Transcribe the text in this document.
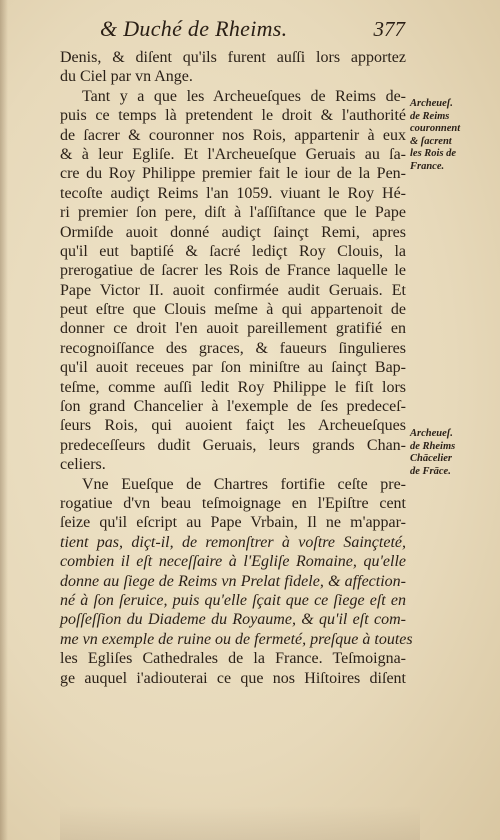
& Duché de Rheims.	377
Denis, & diſent qu'ils furent auſſi lors apportez
du Ciel par vn Ange.
Tant y a que les Archeueſques de Reims de-
puis ce temps là pretendent le droit & l'authorité
de ſacrer & couronner nos Rois, appartenir à eux
& à leur Egliſe. Et l'Archeueſque Geruais au ſa-
cre du Roy Philippe premier fait le iour de la Pen-
tecoſte audiçt Reims l'an 1059. viuant le Roy Hé-
ri premier ſon pere, diſt à l'aſſiſtance que le Pape
Ormiſde auoit donné audiçt ſainçt Remi, apres
qu'il eut baptiſé & ſacré lediçt Roy Clouis, la
prerogatiue de ſacrer les Rois de France laquelle le
Pape Victor II. auoit confirmée audit Geruais. Et
peut eſtre que Clouis meſme à qui appartenoit de
donner ce droit l'en auoit pareillement gratifié en
recognoiſſance des graces, & faueurs ſingulieres
qu'il auoit receues par ſon miniſtre au ſainçt Bap-
teſme, comme auſſi ledit Roy Philippe le fiſt lors
ſon grand Chancelier à l'exemple de ſes predeceſ-
ſeurs Rois, qui auoient faiçt les Archeueſques
predeceſſeurs dudit Geruais, leurs grands Chan-
celiers.
Vne Eueſque de Chartres fortifie ceſte pre-
rogatiue d'vn beau teſmoignage en l'Epiſtre cent
ſeize qu'il eſcript au Pape Vrbain, Il ne m'appar-
tient pas, diçt-il, de remonſtrer à voſtre Sainçteté,
combien il eſt neceſſaire à l'Egliſe Romaine, qu'elle
donne au ſiege de Reims vn Prelat fidele, & affection-
né à ſon ſeruice, puis qu'elle ſçait que ce ſiege eſt en
poſſeſſion du Diademe du Royaume, & qu'il eſt com-
me vn exemple de ruine ou de fermeté, preſque à toutes
les Egliſes Cathedrales de la France. Teſmoigna-
ge auquel i'adiouterai ce que nos Hiſtoires diſent
Archeueſ.
de Reims
couronnent
& ſacrent
les Rois de
France.
Archeueſ.
de Rheims
Chācelier
de Frāce.
